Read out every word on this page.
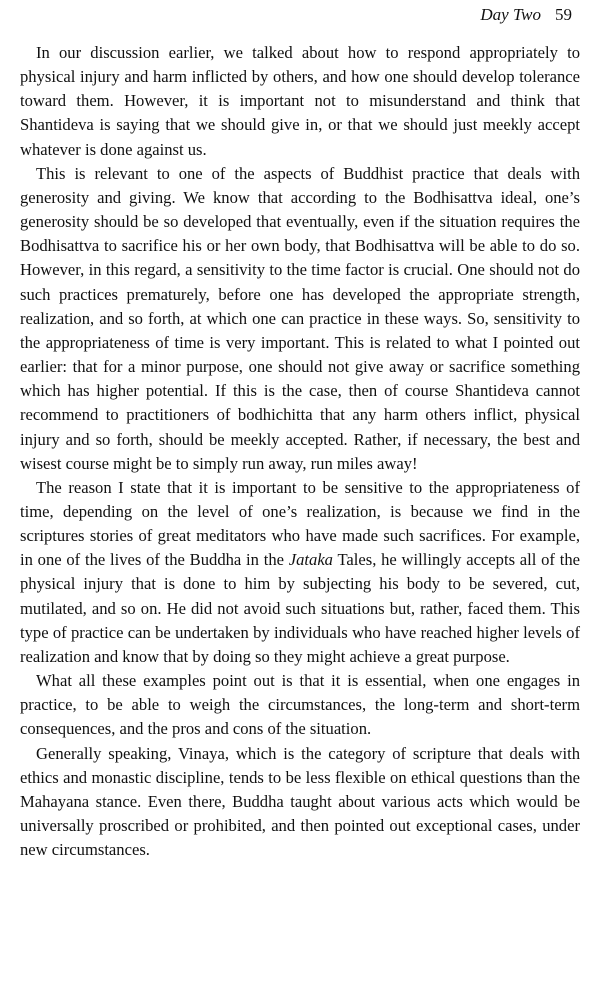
Day Two 59

In our discussion earlier, we talked about how to respond appropriately to physical injury and harm inflicted by others, and how one should develop tolerance toward them. However, it is important not to misunderstand and think that Shantideva is saying that we should give in, or that we should just meekly accept whatever is done against us.

This is relevant to one of the aspects of Buddhist practice that deals with generosity and giving. We know that according to the Bodhisattva ideal, one’s generosity should be so developed that eventually, even if the situation requires the Bodhisattva to sacrifice his or her own body, that Bodhisattva will be able to do so. However, in this regard, a sensitivity to the time factor is crucial. One should not do such practices prematurely, before one has developed the appropriate strength, realization, and so forth, at which one can practice in these ways. So, sensitivity to the appropriateness of time is very important. This is related to what I pointed out earlier: that for a minor purpose, one should not give away or sacrifice something which has higher potential. If this is the case, then of course Shantideva cannot recommend to practitioners of bodhichitta that any harm others inflict, physical injury and so forth, should be meekly accepted. Rather, if necessary, the best and wisest course might be to simply run away, run miles away!

The reason I state that it is important to be sensitive to the appropriateness of time, depending on the level of one’s realization, is because we find in the scriptures stories of great meditators who have made such sacrifices. For example, in one of the lives of the Buddha in the Jataka Tales, he willingly accepts all of the physical injury that is done to him by subjecting his body to be severed, cut, mutilated, and so on. He did not avoid such situations but, rather, faced them. This type of practice can be undertaken by individuals who have reached higher levels of realization and know that by doing so they might achieve a great purpose.

What all these examples point out is that it is essential, when one engages in practice, to be able to weigh the circumstances, the long-term and short-term consequences, and the pros and cons of the situation.

Generally speaking, Vinaya, which is the category of scripture that deals with ethics and monastic discipline, tends to be less flexible on ethical questions than the Mahayana stance. Even there, Buddha taught about various acts which would be universally proscribed or prohibited, and then pointed out exceptional cases, under new circumstances.
